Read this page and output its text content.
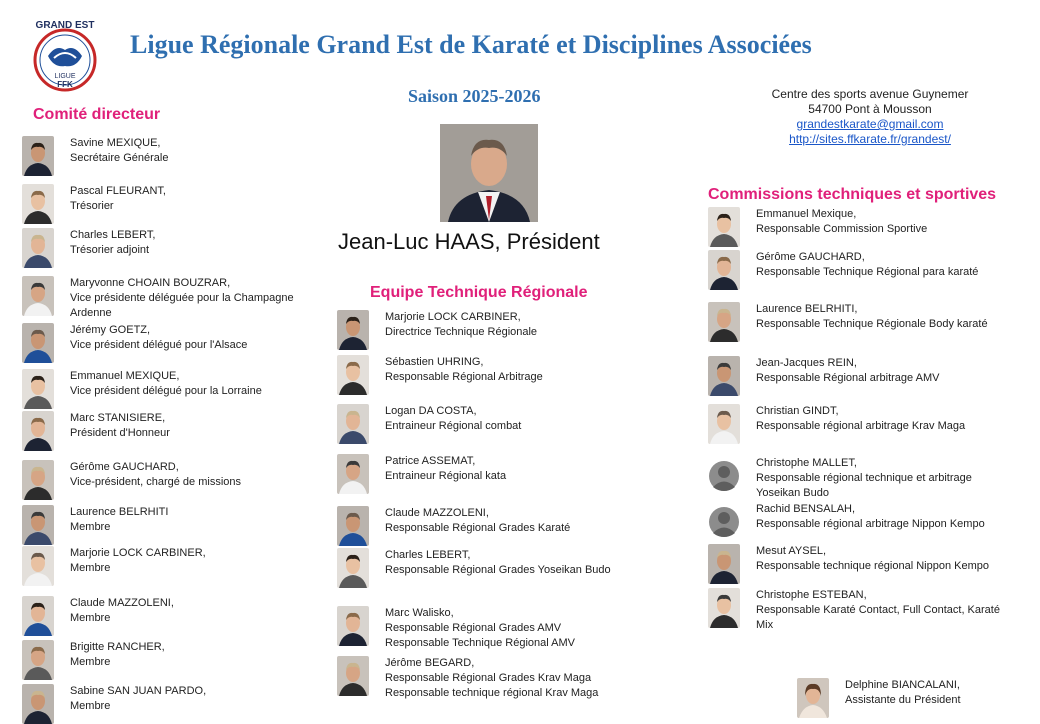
GRAND EST
LIGUE
FFK
Ligue Régionale Grand Est de Karaté et Disciplines Associées
Saison 2025-2026	Centre des sports avenue Guynemer
54700 Pont à Mousson
grandestkarate@gmail.com
http://sites.ffkarate.fr/grandest/
Jean-Luc HAAS, Président
Comité directeur
Equipe Technique Régionale
Commissions techniques et sportives
Savine MEXIQUE,
Secrétaire Générale
Pascal FLEURANT,
Trésorier
Charles LEBERT,
Trésorier adjoint
Maryvonne CHOAIN BOUZRAR,
Vice présidente déléguée pour la Champagne Ardenne
Jérémy GOETZ,
Vice président délégué pour l'Alsace
Emmanuel MEXIQUE,
Vice président délégué pour la Lorraine
Marc STANISIERE,
Président d'Honneur
Gérôme GAUCHARD,
Vice-président, chargé de missions
Laurence BELRHITI
Membre
Marjorie LOCK CARBINER,
Membre
Claude MAZZOLENI,
Membre
Brigitte RANCHER,
Membre
Sabine SAN JUAN PARDO,
Membre
Marjorie LOCK CARBINER,
Directrice Technique Régionale
Sébastien UHRING,
Responsable Régional Arbitrage
Logan DA COSTA,
Entraineur Régional combat
Patrice ASSEMAT,
Entraineur Régional kata
Claude MAZZOLENI,
Responsable Régional Grades Karaté
Charles LEBERT,
Responsable Régional Grades Yoseikan Budo
Marc Walisko,
Responsable Régional Grades AMV
Responsable Technique Régional AMV
Jérôme BEGARD,
Responsable Régional Grades Krav Maga
Responsable technique régional Krav Maga
Emmanuel Mexique,
Responsable Commission Sportive
Gérôme GAUCHARD,
Responsable Technique Régional para karaté
Laurence BELRHITI,
Responsable Technique Régionale Body karaté
Jean-Jacques REIN,
Responsable Régional arbitrage AMV
Christian GINDT,
Responsable régional arbitrage Krav Maga
Christophe MALLET,
Responsable régional technique et arbitrage
Yoseikan Budo
Rachid BENSALAH,
Responsable régional arbitrage Nippon Kempo
Mesut AYSEL,
Responsable technique régional Nippon Kempo
Christophe ESTEBAN,
Responsable Karaté Contact, Full Contact, Karaté
Mix
Delphine BIANCALANI,
Assistante du Président
